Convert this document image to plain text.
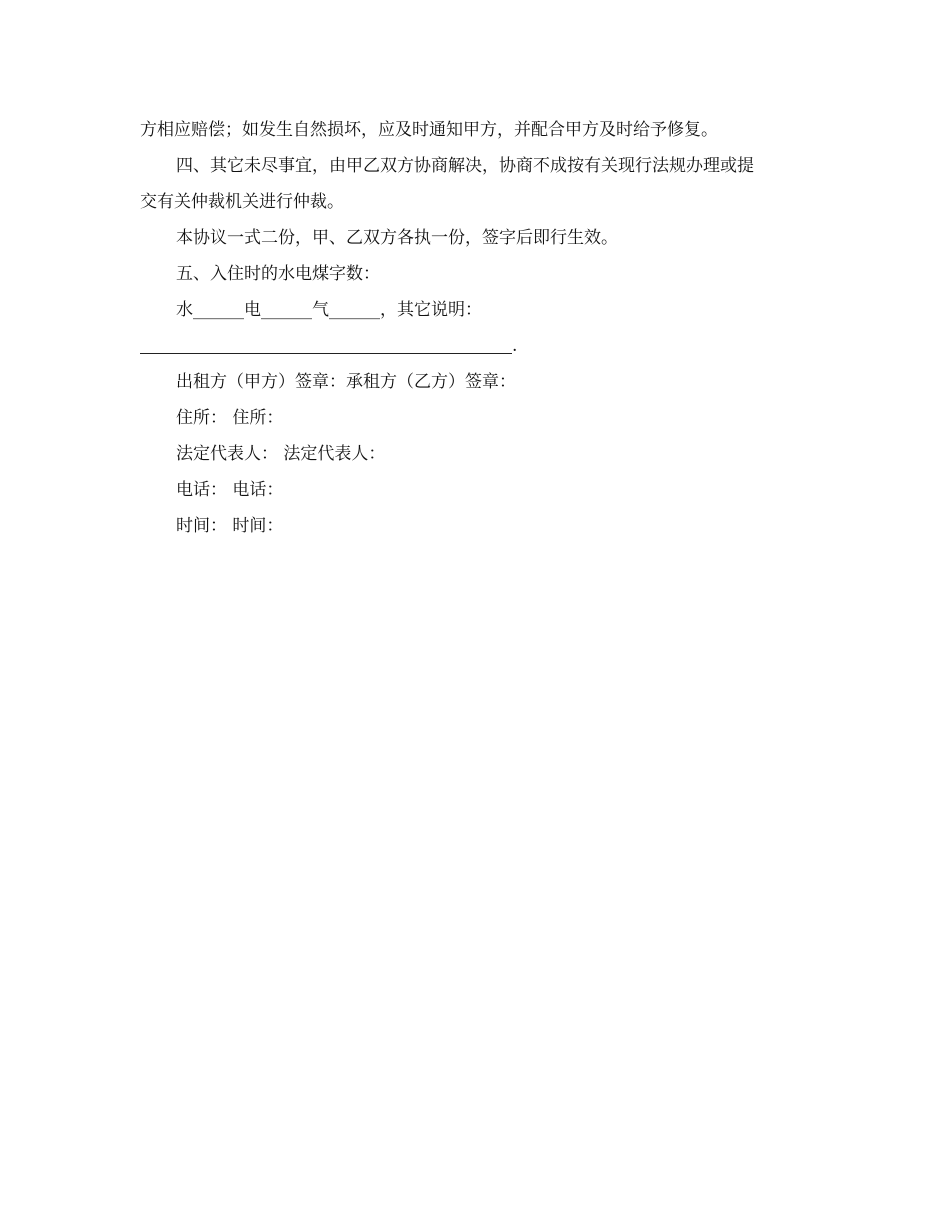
方相应赔偿；如发生自然损坏，应及时通知甲方，并配合甲方及时给予修复。
四、其它未尽事宜，由甲乙双方协商解决，协商不成按有关现行法规办理或提
交有关仲裁机关进行仲裁。
本协议一式二份，甲、乙双方各执一份，签字后即行生效。
五、入住时的水电煤字数：
水______电______气______，其它说明：
.
出租方（甲方）签章：承租方（乙方）签章：
住所： 住所：
法定代表人： 法定代表人：
电话： 电话：
时间： 时间：
